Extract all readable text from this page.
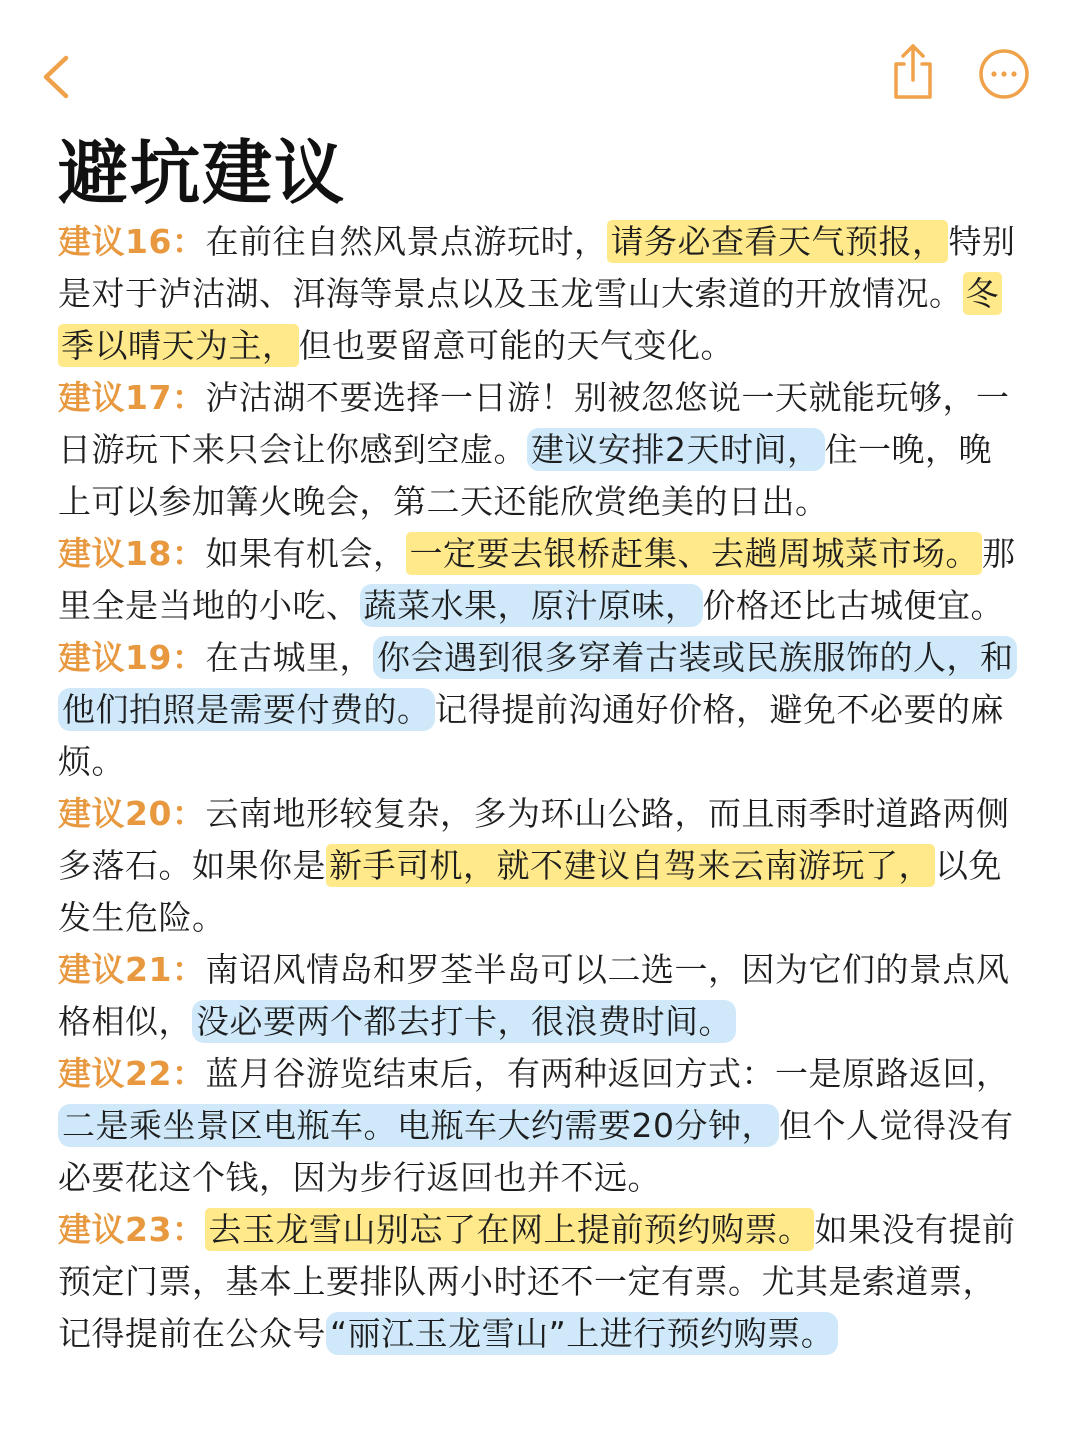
避坑建议

建议16：在前往自然风景点游玩时，请务必查看天气预报，特别是对于泸沽湖、洱海等景点以及玉龙雪山大索道的开放情况。冬季以晴天为主，但也要留意可能的天气变化。

建议17：泸沽湖不要选择一日游！别被忽悠说一天就能玩够，一日游玩下来只会让你感到空虚。 建议安排2天时间， 住一晚，晚上可以参加篝火晚会，第二天还能欣赏绝美的日出。

建议18：如果有机会，一定要去银桥赶集、去趟周城菜市场。那里全是当地的小吃、 蔬菜水果，原汁原味， 价格还比古城便宜。

建议19：在古城里， 你会遇到很多穿着古装或民族服饰的人，和他们拍照是需要付费的。 记得提前沟通好价格，避免不必要的麻烦。

建议20：云南地形较复杂，多为环山公路，而且雨季时道路两侧多落石。如果你是新手司机，就不建议自驾来云南游玩了，以免发生危险。

建议21：南诏风情岛和罗荃半岛可以二选一，因为它们的景点风格相似， 没必要两个都去打卡，很浪费时间。

建议22：蓝月谷游览结束后，有两种返回方式：一是原路返回，二是乘坐景区电瓶车。电瓶车大约需要20分钟， 但个人觉得没有必要花这个钱，因为步行返回也并不远。

建议23：去玉龙雪山别忘了在网上提前预约购票。如果没有提前预定门票，基本上要排队两小时还不一定有票。尤其是索道票，记得提前在公众号 “丽江玉龙雪山”上进行预约购票。
